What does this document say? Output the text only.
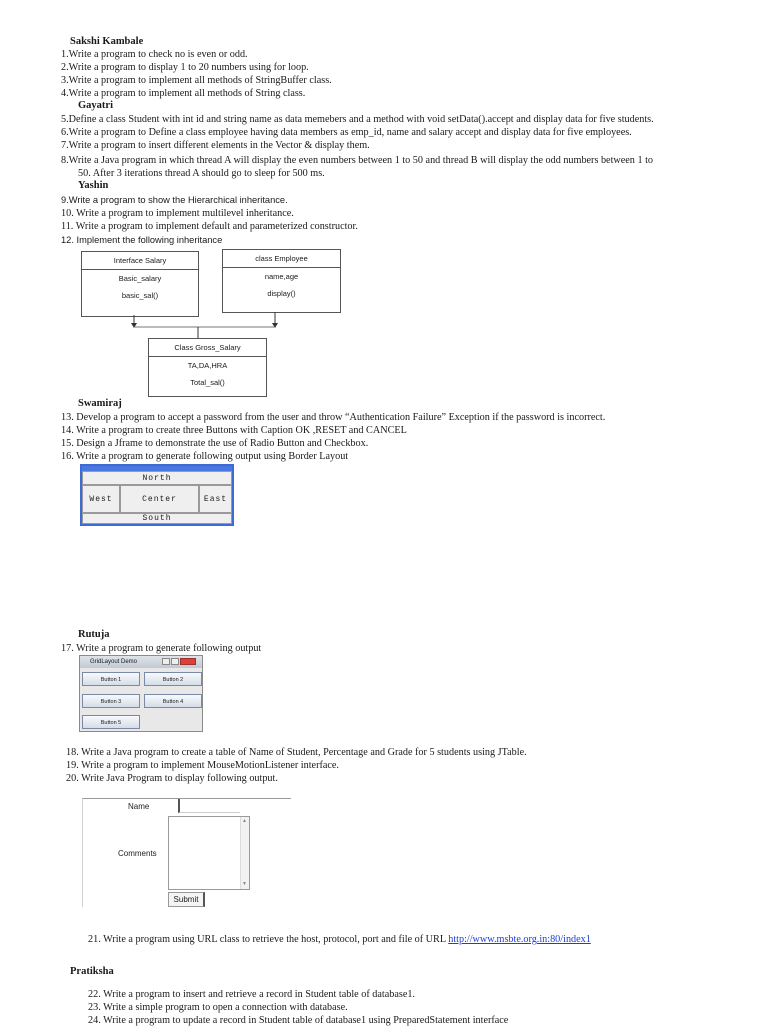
Sakshi Kambale
1.Write a program to check no is even or odd.
2.Write a program to display 1 to 20 numbers using for loop.
3.Write a program to implement all methods of StringBuffer class.
4.Write a program to implement all methods of String class.
Gayatri
5.Define a class Student with int id and string name as data memebers and a method with void setData().accept and display data for five students.
6.Write a program to Define a class employee having data members as emp_id, name and salary accept and display data for five employees.
7.Write a program to insert different elements in the Vector & display them.
8.Write a Java program in which thread A will display the even numbers between 1 to 50 and thread B will display the odd numbers between 1 to
50. After 3 iterations thread A should go to sleep for 500 ms.
Yashin
9.Write a program to show the Hierarchical inheritance.
10. Write a program to implement multilevel inheritance.
11. Write a program to implement default and parameterized constructor.
12. Implement the following inheritance
Interface Salary
Basic_salary
basic_sal()
class Employee
name,age
display()
Class Gross_Salary
TA,DA,HRA
Total_sal()
Swamiraj
13. Develop a program to accept a password from the user and throw “Authentication Failure” Exception if the password is incorrect.
14. Write a program to create three Buttons with Caption OK ,RESET and CANCEL
15. Design a Jframe to demonstrate the use of Radio Button and Checkbox.
16. Write a program to generate following output using Border Layout
North
West	Center	East
South
Rutuja
17. Write a program to generate following output
GridLayout Demo
Button 1	Button 2
Button 3	Button 4
Button 5
18. Write a Java program to create a table of Name of Student, Percentage and Grade for 5 students using JTable.
19. Write a program to implement MouseMotionListener interface.
20. Write Java Program to display following output.
Name
Comments
▲
▼
Submit
21. Write a program using URL class to retrieve the host, protocol, port and file of URL http://www.msbte.org.in:80/index1
Pratiksha
22. Write a program to insert and retrieve a record in Student table of database1.
23. Write a simple program to open a connection with database.
24. Write a program to update a record in Student table of database1 using PreparedStatement interface
